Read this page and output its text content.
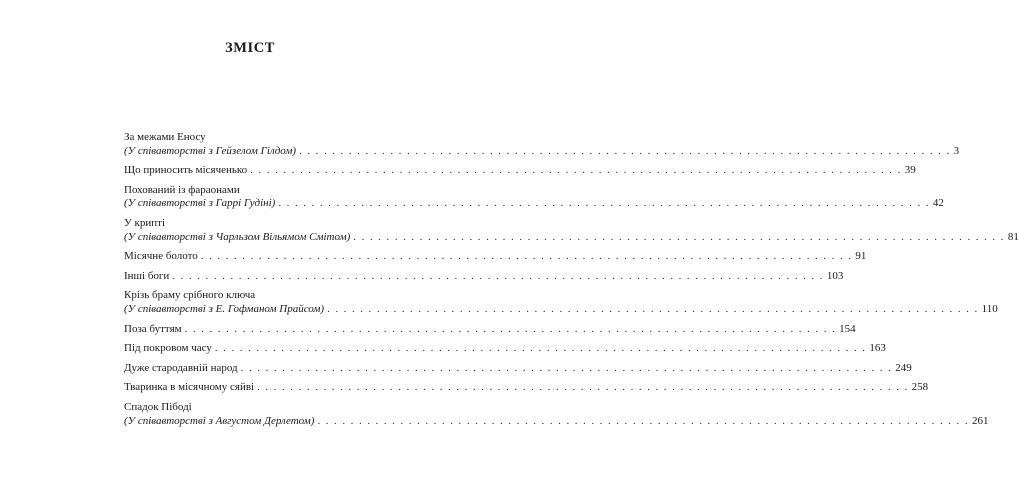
ЗМІСТ
За межами Еносу
(У співавторстві з Гейзелом Гілдом) . . . . . . . . . . . . . . . . . . . . . . . . . . . . . . . . . . . . . . . . . . . . . . . . . . . . . . . . . . . . . . . . . . . . . . . . . . . . . . . 3
Що приносить місяченько . . . . . . . . . . . . . . . . . . . . . . . . . . . . . . . . . . . . . . . . . . . . . . . . . . . . . . . . . . . . . . . . . . . . . . . . . . . . . . . 39
Похований із фараонами
(У співавторстві з Гаррі Гудіні) . . . . . . . . . . . . . . . . . . . . . . . . . . . . . . . . . . . . . . . . . . . . . . . . . . . . . . . . . . . . . . . . . . . . . . . . . . . . . . . 42
У крипті
(У співавторстві з Чарльзом Вільямом Смітом) . . . . . . . . . . . . . . . . . . . . . . . . . . . . . . . . . . . . . . . . . . . . . . . . . . . . . . . . . . . . . . . . . . . . . . . . . . . . . . . 81
Місячне болото . . . . . . . . . . . . . . . . . . . . . . . . . . . . . . . . . . . . . . . . . . . . . . . . . . . . . . . . . . . . . . . . . . . . . . . . . . . . . . . 91
Інші боги . . . . . . . . . . . . . . . . . . . . . . . . . . . . . . . . . . . . . . . . . . . . . . . . . . . . . . . . . . . . . . . . . . . . . . . . . . . . . . . 103
Крізь браму срібного ключа
(У співавторстві з Е. Гофманом Прайсом) . . . . . . . . . . . . . . . . . . . . . . . . . . . . . . . . . . . . . . . . . . . . . . . . . . . . . . . . . . . . . . . . . . . . . . . . . . . . . . . 110
Поза буттям . . . . . . . . . . . . . . . . . . . . . . . . . . . . . . . . . . . . . . . . . . . . . . . . . . . . . . . . . . . . . . . . . . . . . . . . . . . . . . . 154
Під покровом часу . . . . . . . . . . . . . . . . . . . . . . . . . . . . . . . . . . . . . . . . . . . . . . . . . . . . . . . . . . . . . . . . . . . . . . . . . . . . . . . 163
Дуже стародавній народ . . . . . . . . . . . . . . . . . . . . . . . . . . . . . . . . . . . . . . . . . . . . . . . . . . . . . . . . . . . . . . . . . . . . . . . . . . . . . . . 249
Тваринка в місячному сяйві . . . . . . . . . . . . . . . . . . . . . . . . . . . . . . . . . . . . . . . . . . . . . . . . . . . . . . . . . . . . . . . . . . . . . . . . . . . . . . . 258
Спадок Пібоді
(У співавторстві з Августом Дерлетом) . . . . . . . . . . . . . . . . . . . . . . . . . . . . . . . . . . . . . . . . . . . . . . . . . . . . . . . . . . . . . . . . . . . . . . . . . . . . . . . 261
